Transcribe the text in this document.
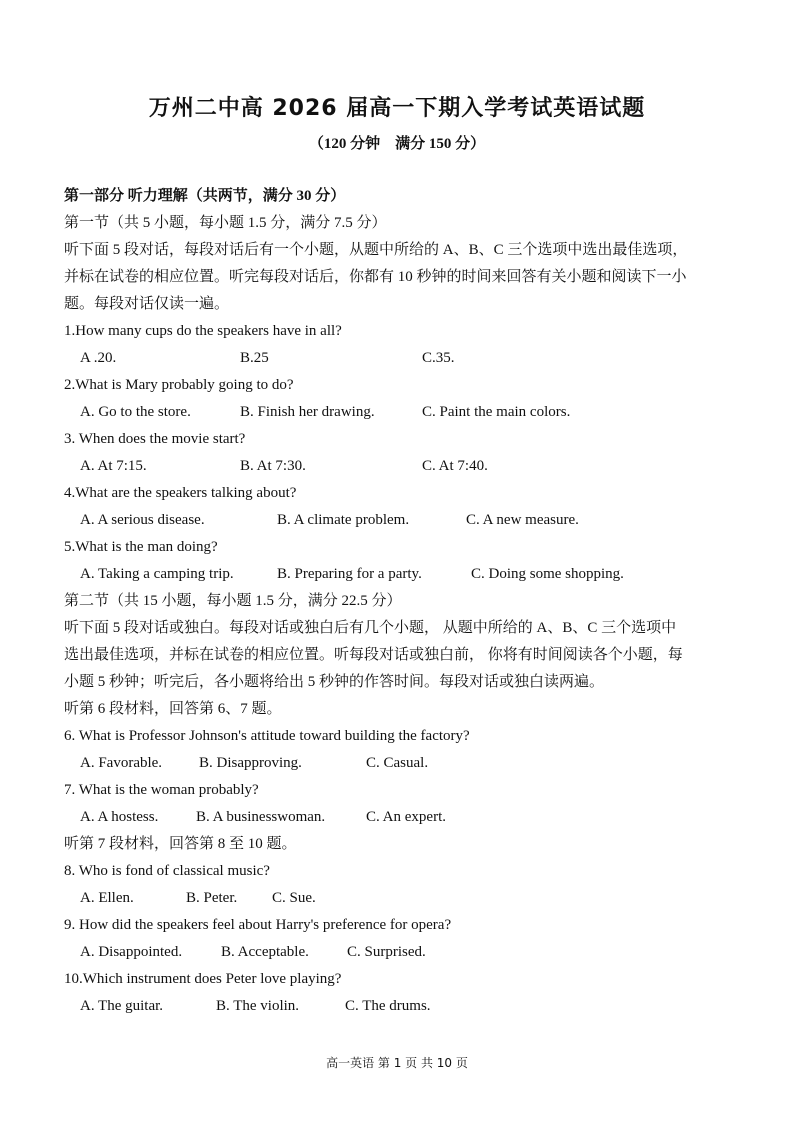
万州二中高 2026 届高一下期入学考试英语试题
（120 分钟　满分 150 分）
第一部分 听力理解（共两节，满分 30 分）
第一节（共 5 小题，每小题 1.5 分，满分 7.5 分）
听下面 5 段对话，每段对话后有一个小题，从题中所给的 A、B、C 三个选项中选出最佳选项，
并标在试卷的相应位置。听完每段对话后，你都有 10 秒钟的时间来回答有关小题和阅读下一小
题。每段对话仅读一遍。
1.How many cups do the speakers have in all?
A .20.	B.25	C.35.
2.What is Mary probably going to do?
A. Go to the store.	B. Finish her drawing.	C. Paint the main colors.
3. When does the movie start?
A. At 7:15.	B. At 7:30.	C. At 7:40.
4.What are the speakers talking about?
A. A serious disease.	B. A climate problem.	C. A new measure.
5.What is the man doing?
A. Taking a camping trip.	B. Preparing for a party.	C. Doing some shopping.
第二节（共 15 小题，每小题 1.5 分，满分 22.5 分）
听下面 5 段对话或独白。每段对话或独白后有几个小题， 从题中所给的 A、B、C 三个选项中
选出最佳选项，并标在试卷的相应位置。听每段对话或独白前， 你将有时间阅读各个小题，每
小题 5 秒钟；听完后，各小题将给出 5 秒钟的作答时间。每段对话或独白读两遍。
听第 6 段材料，回答第 6、7 题。
6. What is Professor Johnson's attitude toward building the factory?
A. Favorable. B. Disapproving.	C. Casual.
7. What is the woman probably?
A. A hostess.	B. A businesswoman.	C. An expert.
听第 7 段材料，回答第 8 至 10 题。
8. Who is fond of classical music?
A. Ellen.	B. Peter. C. Sue.
9. How did the speakers feel about Harry's preference for opera?
A. Disappointed.	B. Acceptable.	C. Surprised.
10.Which instrument does Peter love playing?
A. The guitar.	B. The violin.	C. The drums.
高一英语 第 1 页 共 10 页
